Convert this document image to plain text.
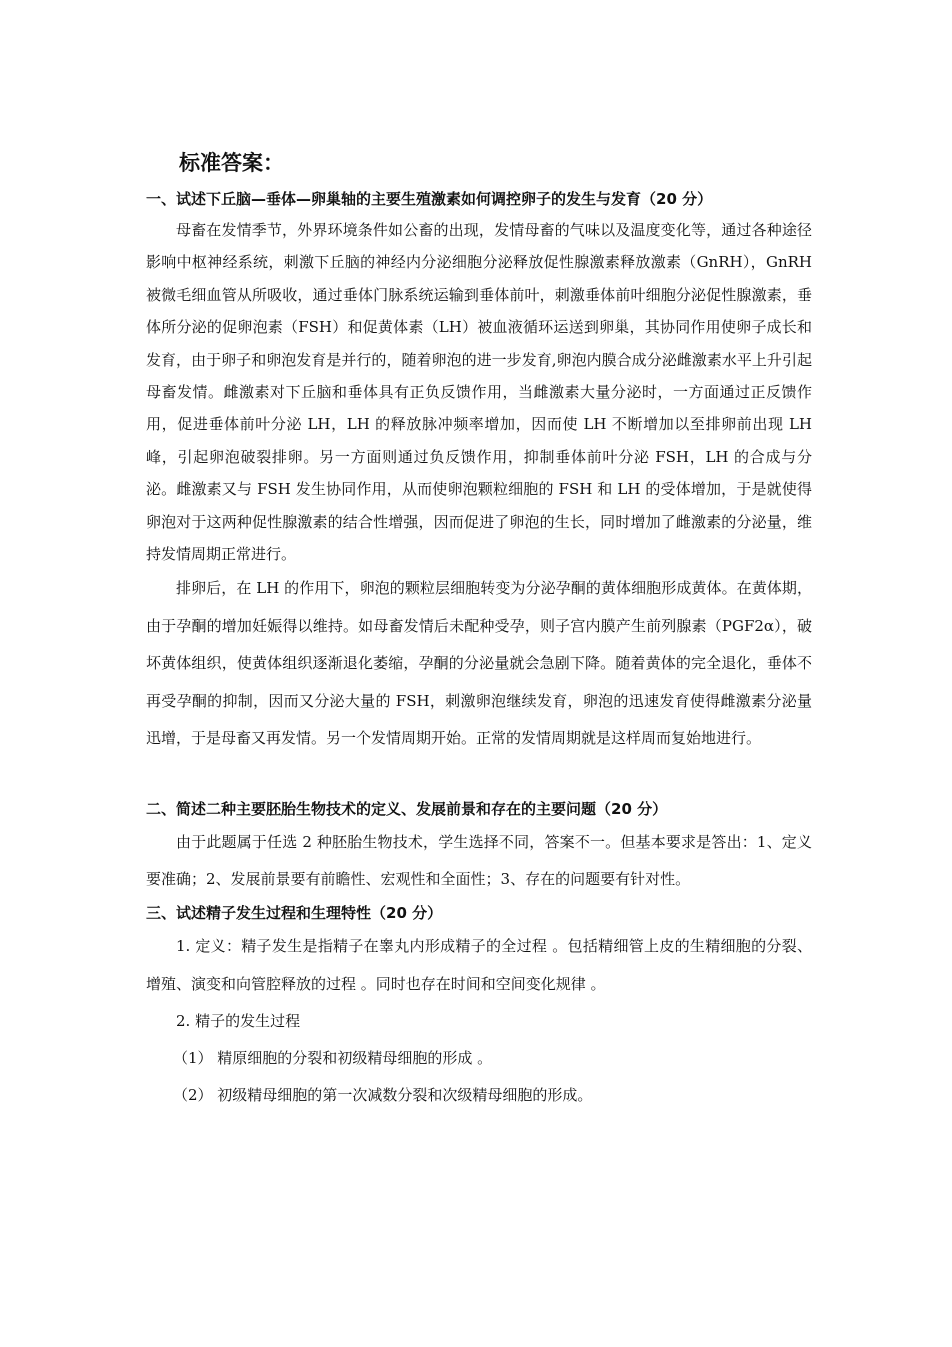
标准答案：
一、试述下丘脑—垂体—卵巢轴的主要生殖激素如何调控卵子的发生与发育（20 分）

母畜在发情季节，外界环境条件如公畜的出现，发情母畜的气味以及温度变化等，通过各种途径影响中枢神经系统，刺激下丘脑的神经内分泌细胞分泌释放促性腺激素释放激素（GnRH），GnRH 被微毛细血管从所吸收，通过垂体门脉系统运输到垂体前叶，刺激垂体前叶细胞分泌促性腺激素，垂体所分泌的促卵泡素（FSH）和促黄体素（LH）被血液循环运送到卵巢，其协同作用使卵子成长和发育，由于卵子和卵泡发育是并行的，随着卵泡的进一步发育,卵泡内膜合成分泌雌激素水平上升引起母畜发情。雌激素对下丘脑和垂体具有正负反馈作用，当雌激素大量分泌时，一方面通过正反馈作用，促进垂体前叶分泌 LH，LH 的释放脉冲频率增加，因而使 LH 不断增加以至排卵前出现 LH 峰，引起卵泡破裂排卵。另一方面则通过负反馈作用，抑制垂体前叶分泌 FSH，LH 的合成与分泌。雌激素又与 FSH 发生协同作用，从而使卵泡颗粒细胞的 FSH 和 LH 的受体增加，于是就使得卵泡对于这两种促性腺激素的结合性增强，因而促进了卵泡的生长，同时增加了雌激素的分泌量，维持发情周期正常进行。

排卵后，在 LH 的作用下，卵泡的颗粒层细胞转变为分泌孕酮的黄体细胞形成黄体。在黄体期，由于孕酮的增加妊娠得以维持。如母畜发情后未配种受孕，则子宫内膜产生前列腺素（PGF2α），破坏黄体组织，使黄体组织逐渐退化萎缩，孕酮的分泌量就会急剧下降。随着黄体的完全退化，垂体不再受孕酮的抑制，因而又分泌大量的 FSH，刺激卵泡继续发育，卵泡的迅速发育使得雌激素分泌量迅增，于是母畜又再发情。另一个发情周期开始。正常的发情周期就是这样周而复始地进行。

二、简述二种主要胚胎生物技术的定义、发展前景和存在的主要问题（20 分）

由于此题属于任选 2 种胚胎生物技术，学生选择不同，答案不一。但基本要求是答出：1、定义要准确；2、发展前景要有前瞻性、宏观性和全面性；3、存在的问题要有针对性。

三、试述精子发生过程和生理特性（20 分）

1. 定义：精子发生是指精子在睾丸内形成精子的全过程 。包括精细管上皮的生精细胞的分裂、增殖、演变和向管腔释放的过程 。同时也存在时间和空间变化规律 。

2. 精子的发生过程
（1） 精原细胞的分裂和初级精母细胞的形成 。
（2） 初级精母细胞的第一次减数分裂和次级精母细胞的形成。
